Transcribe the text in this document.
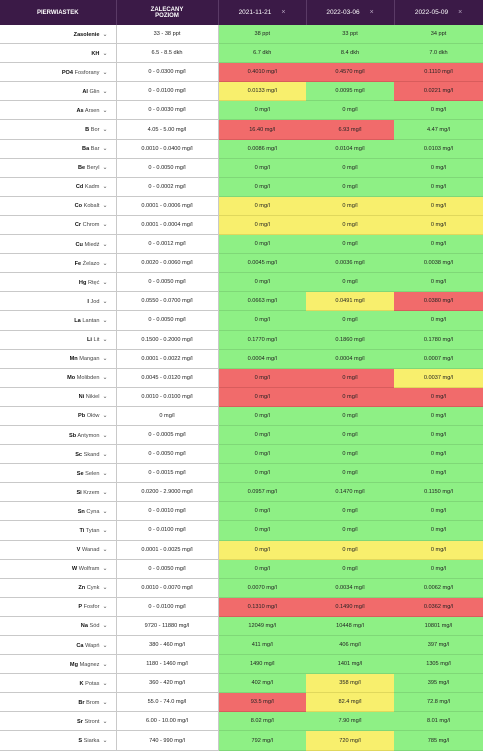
PIERWIASTEK	ZALECANY
POZIOM	2021-11-21 ×	2022-03-06 ×	2022-05-09 ×
Zasolenie ⌄	33 - 38 ppt	38 ppt	33 ppt	34 ppt
KH ⌄	6.5 - 8.5 dkh	6.7 dkh	8.4 dkh	7.0 dkh
PO4 Fosforany ⌄	0 - 0.0300 mg/l	0.4010 mg/l	0.4570 mg/l	0.1110 mg/l
Al Glin ⌄	0 - 0.0100 mg/l	0.0133 mg/l	0.0095 mg/l	0.0221 mg/l
As Arsen ⌄	0 - 0.0030 mg/l	0 mg/l	0 mg/l	0 mg/l
B Bor ⌄	4.05 - 5.00 mg/l	16.40 mg/l	6.93 mg/l	4.47 mg/l
Ba Bar ⌄	0.0010 - 0.0400 mg/l	0.0086 mg/l	0.0104 mg/l	0.0103 mg/l
Be Beryl ⌄	0 - 0.0050 mg/l	0 mg/l	0 mg/l	0 mg/l
Cd Kadm ⌄	0 - 0.0002 mg/l	0 mg/l	0 mg/l	0 mg/l
Co Kobalt ⌄	0.0001 - 0.0006 mg/l	0 mg/l	0 mg/l	0 mg/l
Cr Chrom ⌄	0.0001 - 0.0004 mg/l	0 mg/l	0 mg/l	0 mg/l
Cu Miedź ⌄	0 - 0.0012 mg/l	0 mg/l	0 mg/l	0 mg/l
Fe Żelazo ⌄	0.0020 - 0.0060 mg/l	0.0045 mg/l	0.0036 mg/l	0.0038 mg/l
Hg Rtęć ⌄	0 - 0.0050 mg/l	0 mg/l	0 mg/l	0 mg/l
I Jod ⌄	0.0550 - 0.0700 mg/l	0.0663 mg/l	0.0491 mg/l	0.0380 mg/l
La Lantan ⌄	0 - 0.0050 mg/l	0 mg/l	0 mg/l	0 mg/l
Li Lit ⌄	0.1500 - 0.2000 mg/l	0.1770 mg/l	0.1860 mg/l	0.1780 mg/l
Mn Mangan ⌄	0.0001 - 0.0022 mg/l	0.0004 mg/l	0.0004 mg/l	0.0007 mg/l
Mo Molibden ⌄	0.0045 - 0.0120 mg/l	0 mg/l	0 mg/l	0.0037 mg/l
Ni Nikiel ⌄	0.0010 - 0.0100 mg/l	0 mg/l	0 mg/l	0 mg/l
Pb Ołów ⌄	0 mg/l	0 mg/l	0 mg/l	0 mg/l
Sb Antymon ⌄	0 - 0.0005 mg/l	0 mg/l	0 mg/l	0 mg/l
Sc Skand ⌄	0 - 0.0050 mg/l	0 mg/l	0 mg/l	0 mg/l
Se Selen ⌄	0 - 0.0015 mg/l	0 mg/l	0 mg/l	0 mg/l
Si Krzem ⌄	0.0200 - 2.9000 mg/l	0.0957 mg/l	0.1470 mg/l	0.1150 mg/l
Sn Cyna ⌄	0 - 0.0010 mg/l	0 mg/l	0 mg/l	0 mg/l
Ti Tytan ⌄	0 - 0.0100 mg/l	0 mg/l	0 mg/l	0 mg/l
V Wanad ⌄	0.0001 - 0.0025 mg/l	0 mg/l	0 mg/l	0 mg/l
W Wolfram ⌄	0 - 0.0050 mg/l	0 mg/l	0 mg/l	0 mg/l
Zn Cynk ⌄	0.0010 - 0.0070 mg/l	0.0070 mg/l	0.0034 mg/l	0.0062 mg/l
P Fosfor ⌄	0 - 0.0100 mg/l	0.1310 mg/l	0.1490 mg/l	0.0362 mg/l
Na Sód ⌄	9720 - 11880 mg/l	12049 mg/l	10448 mg/l	10801 mg/l
Ca Wapń ⌄	380 - 460 mg/l	411 mg/l	406 mg/l	397 mg/l
Mg Magnez ⌄	1180 - 1460 mg/l	1490 mg/l	1401 mg/l	1305 mg/l
K Potas ⌄	360 - 420 mg/l	402 mg/l	358 mg/l	395 mg/l
Br Brom ⌄	55.0 - 74.0 mg/l	93.5 mg/l	82.4 mg/l	72.8 mg/l
Sr Stront ⌄	6.00 - 10.00 mg/l	8.02 mg/l	7.90 mg/l	8.01 mg/l
S Siarka ⌄	740 - 990 mg/l	792 mg/l	720 mg/l	785 mg/l
